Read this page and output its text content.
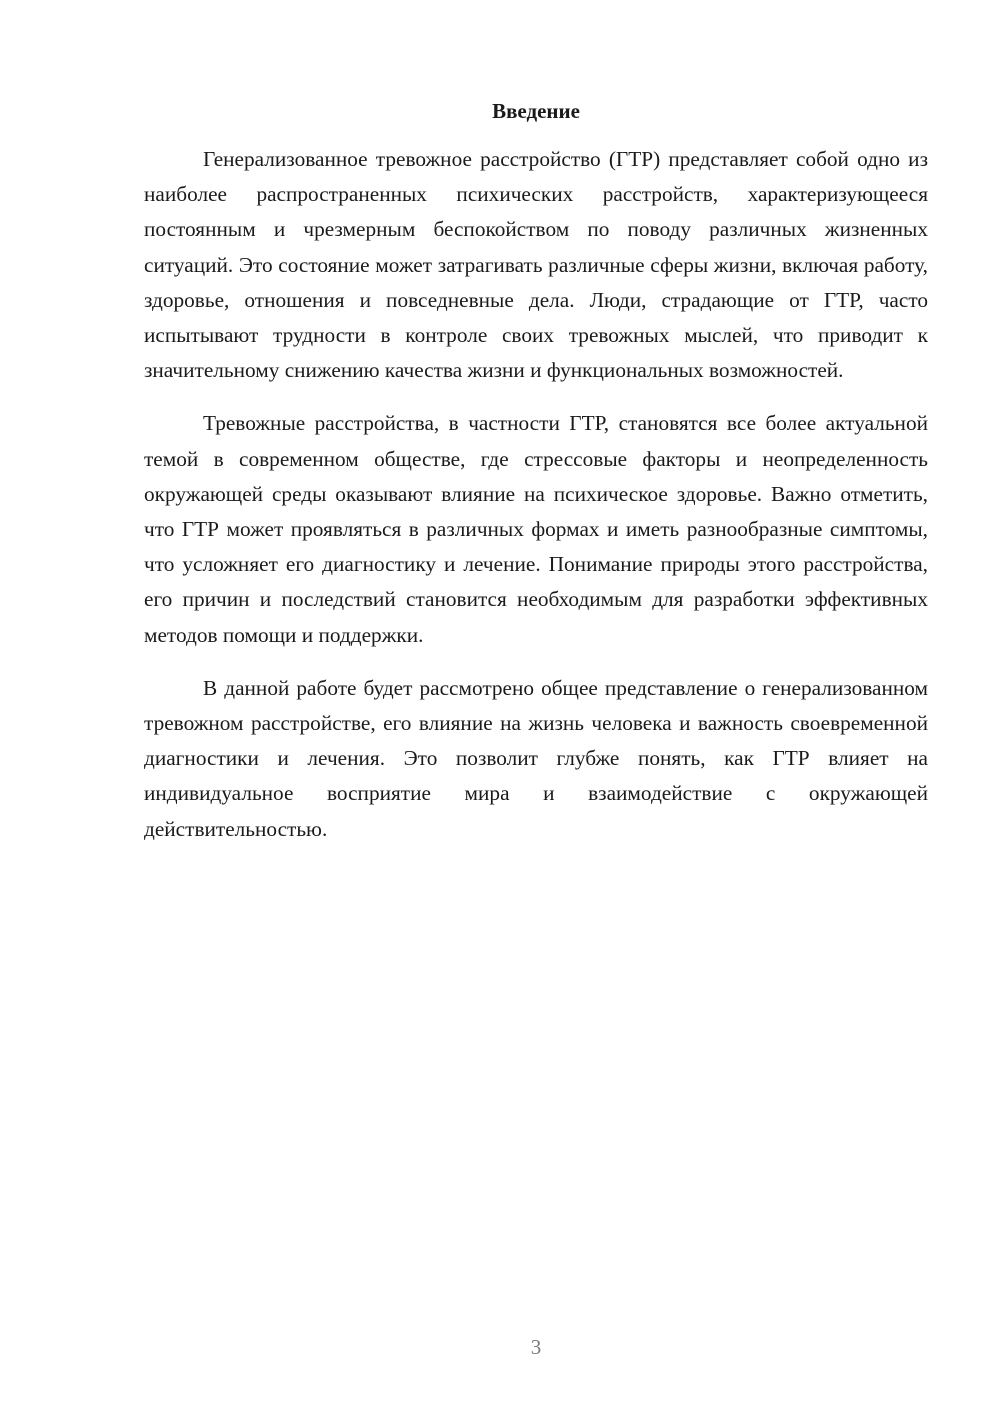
Введение

Генерализованное тревожное расстройство (ГТР) представляет собой одно из наиболее распространенных психических расстройств, характеризующееся постоянным и чрезмерным беспокойством по поводу различных жизненных ситуаций. Это состояние может затрагивать различные сферы жизни, включая работу, здоровье, отношения и повседневные дела. Люди, страдающие от ГТР, часто испытывают трудности в контроле своих тревожных мыслей, что приводит к значительному снижению качества жизни и функциональных возможностей.

Тревожные расстройства, в частности ГТР, становятся все более актуальной темой в современном обществе, где стрессовые факторы и неопределенность окружающей среды оказывают влияние на психическое здоровье. Важно отметить, что ГТР может проявляться в различных формах и иметь разнообразные симптомы, что усложняет его диагностику и лечение. Понимание природы этого расстройства, его причин и последствий становится необходимым для разработки эффективных методов помощи и поддержки.

В данной работе будет рассмотрено общее представление о генерализованном тревожном расстройстве, его влияние на жизнь человека и важность своевременной диагностики и лечения. Это позволит глубже понять, как ГТР влияет на индивидуальное восприятие мира и взаимодействие с окружающей действительностью.

3
